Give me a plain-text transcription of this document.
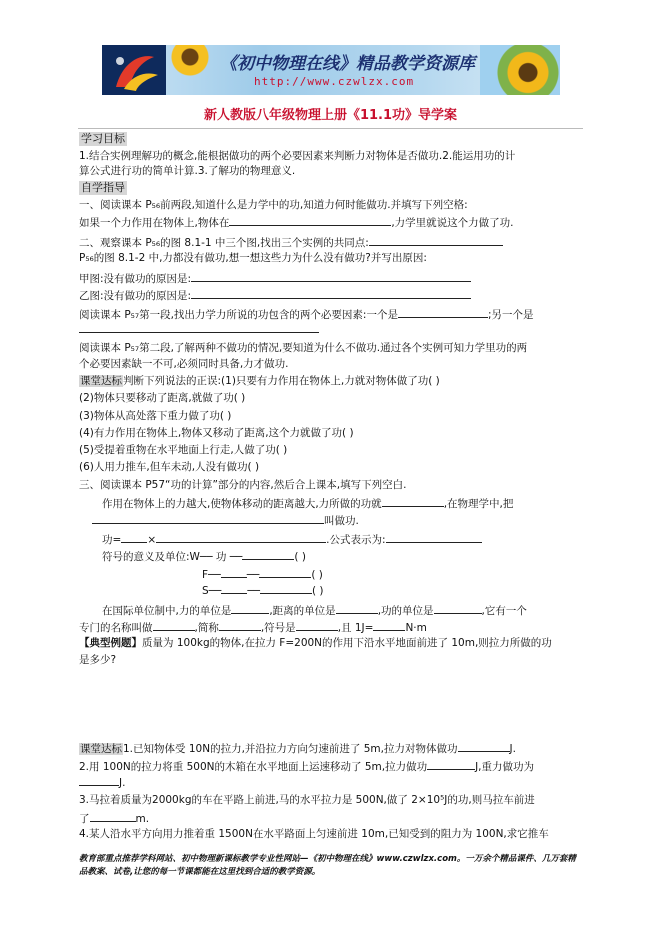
《初中物理在线》精品教学资源库
http://www.czwlzx.com
新人教版八年级物理上册《11.1功》导学案
学习目标
1.结合实例理解功的概念,能根据做功的两个必要因素来判断力对物体是否做功.2.能运用功的计
算公式进行功的简单计算.3.了解功的物理意义.
自学指导
一、阅读课本 P₅₆前两段,知道什么是力学中的功,知道力何时能做功.并填写下列空格:
如果一个力作用在物体上,物体在	,力学里就说这个力做了功.
二、观察课本 P₅₆的图 8.1-1 中三个图,找出三个实例的共同点:
P₅₆的图 8.1-2 中,力都没有做功,想一想这些力为什么没有做功?并写出原因:
甲图:没有做功的原因是:
乙图:没有做功的原因是:
阅读课本 P₅₇第一段,找出力学力所说的功包含的两个必要因素:一个是	;另一个是
阅读课本 P₅₇第二段,了解两种不做功的情况,要知道为什么不做功.通过各个实例可知力学里功的两
个必要因素缺一不可,必须同时具备,力才做功.
课堂达标判断下列说法的正误:(1)只要有力作用在物体上,力就对物体做了功( )
(2)物体只要移动了距离,就做了功( )
(3)物体从高处落下重力做了功( )
(4)有力作用在物体上,物体又移动了距离,这个力就做了功( )
(5)受提着重物在水平地面上行走,人做了功( )
(6)人用力推车,但车未动,人没有做功( )
三、阅读课本 P57“功的计算”部分的内容,然后合上课本,填写下列空白.
作用在物体上的力越大,使物体移动的距离越大,力所做的功就	,在物理学中,把
叫做功.
功= ×	.公式表示为:
符号的意义及单位:W── 功 ──	( )
F── ──	( )
S── ──	( )
在国际单位制中,力的单位是	,距离的单位是	,功的单位是	,它有一个
专门的名称叫做	,简称	,符号是	,且 1J=	N·m
【典型例题】质量为 100kg的物体,在拉力 F=200N的作用下沿水平地面前进了 10m,则拉力所做的功
是多少?
课堂达标1.已知物体受 10N的拉力,并沿拉力方向匀速前进了 5m,拉力对物体做功	J.
2.用 100N的拉力将重 500N的木箱在水平地面上运速移动了 5m,拉力做功	J,重力做功为
J.
3.马拉着质量为2000kg的车在平路上前进,马的水平拉力是 500N,做了 2×10⁵J的功,则马拉车前进
了	m.
4.某人沿水平方向用力推着重 1500N在水平路面上匀速前进 10m,已知受到的阻力为 100N,求它推车
教育部重点推荐学科网站、初中物理新课标教学专业性网站—《初中物理在线》www.czwlzx.com。一万余个精品课件、几万套精品教案、试卷,让您的每一节课都能在这里找到合适的教学资源。
